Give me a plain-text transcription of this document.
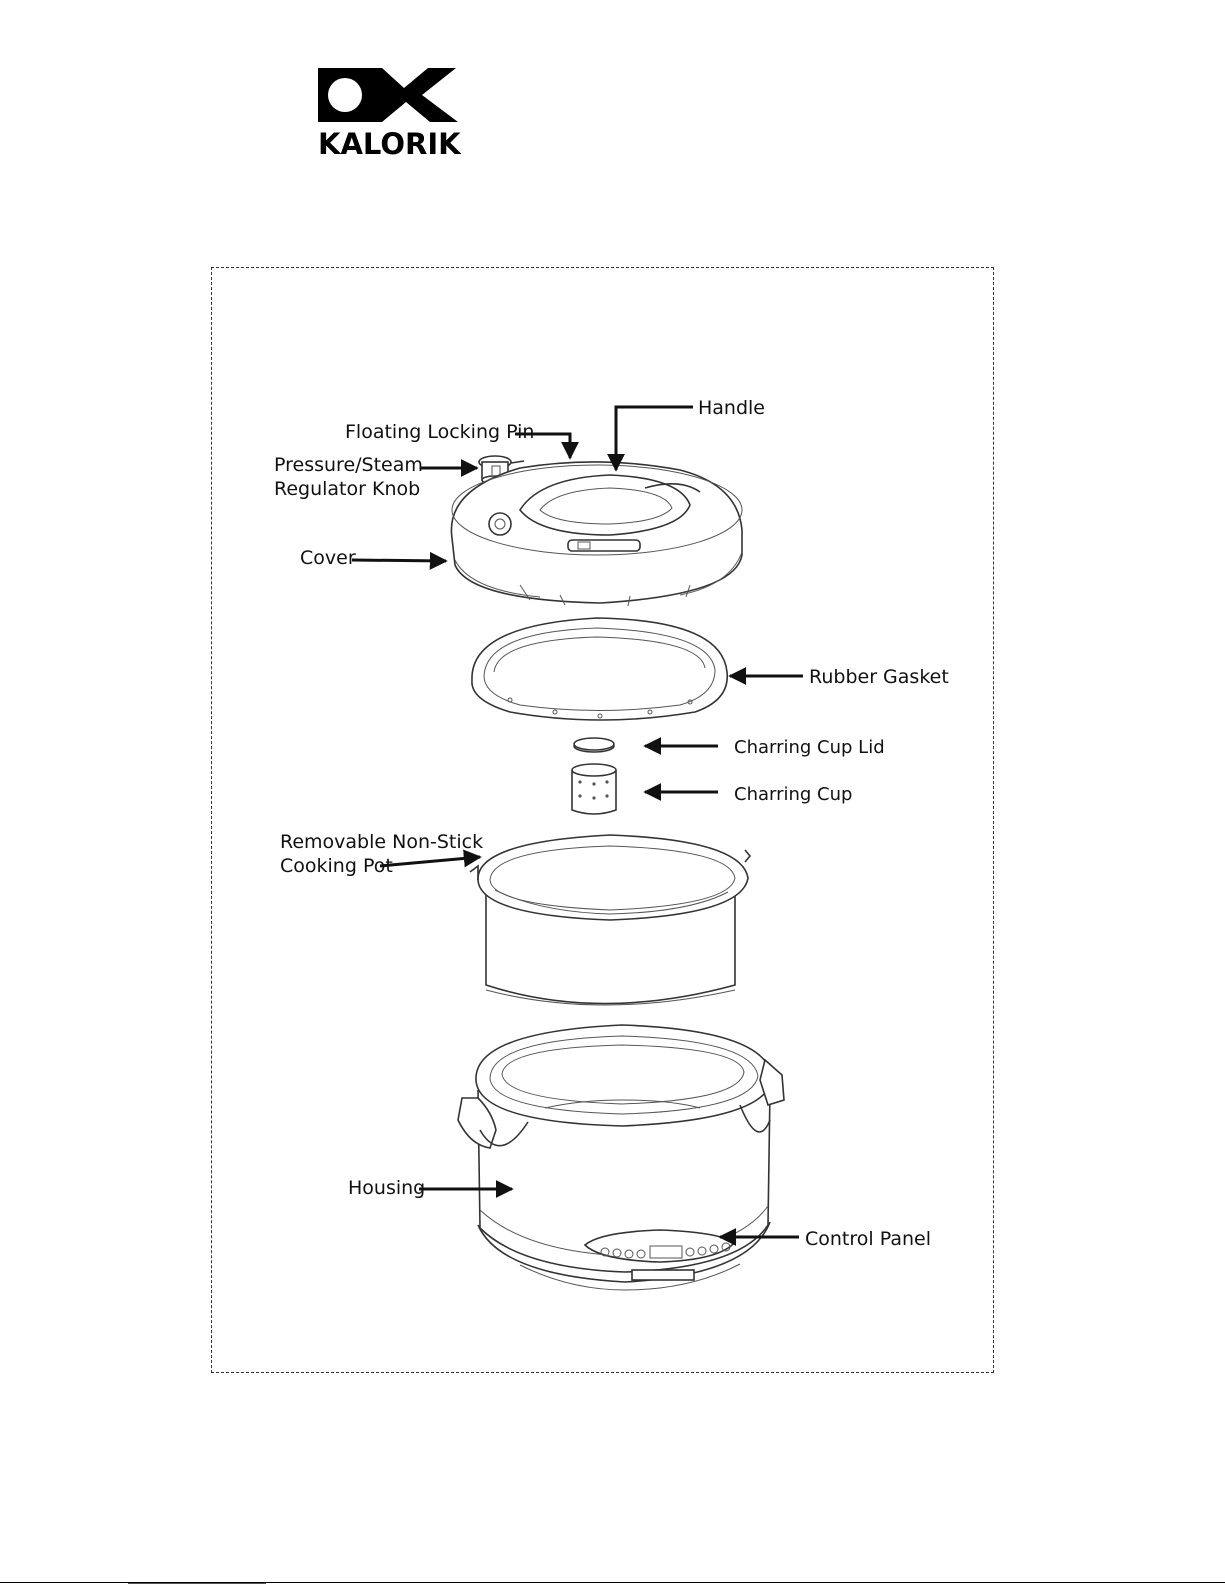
KALORIK
Handle
Floating Locking Pin
Pressure/Steam
Regulator Knob
Cover
Rubber Gasket
Charring Cup Lid
Charring Cup
Removable Non-Stick
Cooking Pot
Housing
Control Panel
